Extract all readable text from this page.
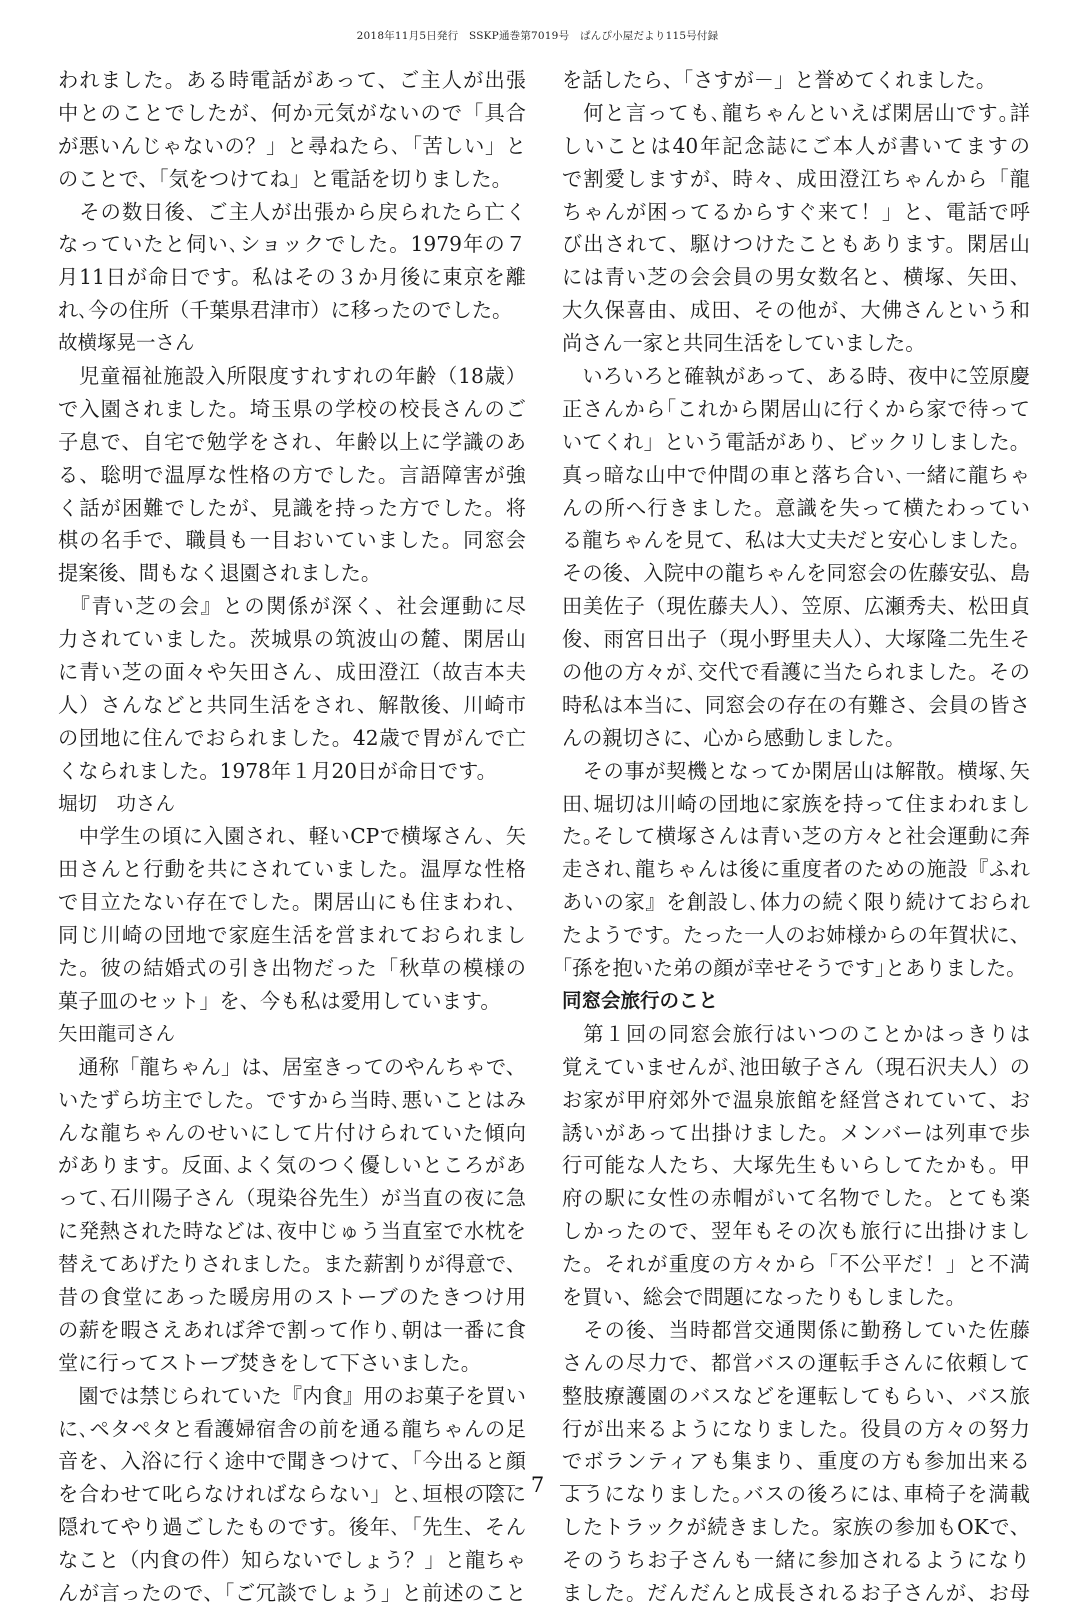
2018年11月5日発行　SSKP通巻第7019号　ぱんぴ小屋だより115号付録
われました。ある時電話があって、ご主人が出張
中とのことでしたが、何か元気がないので「具合
が悪いんじゃないの？」と尋ねたら､「苦しい」と
のことで、「気をつけてね」と電話を切りました。
　その数日後、ご主人が出張から戻られたら亡く
なっていたと伺い､ショックでした。1979年の７
月11日が命日です。私はその３か月後に東京を離
れ､今の住所（千葉県君津市）に移ったのでした。
故横塚晃一さん
　児童福祉施設入所限度すれすれの年齢（18歳）
で入園されました。埼玉県の学校の校長さんのご
子息で、自宅で勉学をされ、年齢以上に学識のあ
る、聡明で温厚な性格の方でした。言語障害が強
く話が困難でしたが、見識を持った方でした。将
棋の名手で、職員も一目おいていました。同窓会
提案後、間もなく退園されました。
　『青い芝の会』との関係が深く、社会運動に尽
力されていました。茨城県の筑波山の麓、閑居山
に青い芝の面々や矢田さん、成田澄江（故吉本夫
人）さんなどと共同生活をされ、解散後、川崎市
の団地に住んでおられました。42歳で胃がんで亡
くなられました。1978年１月20日が命日です。
堀切　功さん
　中学生の頃に入園され、軽いCPで横塚さん、矢
田さんと行動を共にされていました。温厚な性格
で目立たない存在でした。閑居山にも住まわれ、
同じ川崎の団地で家庭生活を営まれておられまし
た。彼の結婚式の引き出物だった「秋草の模様の
菓子皿のセット」を、今も私は愛用しています。
矢田龍司さん
　通称「龍ちゃん」は、居室きってのやんちゃで、
いたずら坊主でした。ですから当時､悪いことはみ
んな龍ちゃんのせいにして片付けられていた傾向
があります。反面､よく気のつく優しいところがあ
って､石川陽子さん（現染谷先生）が当直の夜に急
に発熱された時などは､夜中じゅう当直室で水枕を
替えてあげたりされました。また薪割りが得意で、
昔の食堂にあった暖房用のストーブのたきつけ用
の薪を暇さえあれば斧で割って作り､朝は一番に食
堂に行ってストーブ焚きをして下さいました。
　園では禁じられていた『内食』用のお菓子を買い
に､ペタペタと看護婦宿舎の前を通る龍ちゃんの足
音を、入浴に行く途中で聞きつけて、「今出ると顔
を合わせて叱らなければならない」と､垣根の陰に
隠れてやり過ごしたものです。後年､「先生、そん
なこと（内食の件）知らないでしょう？」と龍ちゃ
んが言ったので、「ご冗談でしょう」と前述のこと
を話したら、「さすが－」と誉めてくれました。
　何と言っても､龍ちゃんといえば閑居山です｡詳
しいことは40年記念誌にご本人が書いてますの
で割愛しますが、時々、成田澄江ちゃんから「龍
ちゃんが困ってるからすぐ来て！」と、電話で呼
び出されて、駆けつけたこともあります。閑居山
には青い芝の会会員の男女数名と、横塚、矢田、
大久保喜由、成田、その他が、大佛さんという和
尚さん一家と共同生活をしていました。
　いろいろと確執があって、ある時、夜中に笠原慶
正さんから｢これから閑居山に行くから家で待って
いてくれ」という電話があり、ビックリしました。
真っ暗な山中で仲間の車と落ち合い､一緒に龍ちゃ
んの所へ行きました。意識を失って横たわってい
る龍ちゃんを見て、私は大丈夫だと安心しました。
その後、入院中の龍ちゃんを同窓会の佐藤安弘、島
田美佐子（現佐藤夫人）、笠原、広瀬秀夫、松田貞
俊、雨宮日出子（現小野里夫人）、大塚隆二先生そ
の他の方々が､交代で看護に当たられました。その
時私は本当に、同窓会の存在の有難さ、会員の皆さ
んの親切さに、心から感動しました。
　その事が契機となってか閑居山は解散。横塚､矢
田､堀切は川崎の団地に家族を持って住まわれまし
た｡そして横塚さんは青い芝の方々と社会運動に奔
走され､龍ちゃんは後に重度者のための施設『ふれ
あいの家』を創設し､体力の続く限り続けておられ
たようです。たった一人のお姉様からの年賀状に、
｢孫を抱いた弟の顔が幸せそうです｣とありました。
同窓会旅行のこと
　第１回の同窓会旅行はいつのことかはっきりは
覚えていませんが､池田敏子さん（現石沢夫人）の
お家が甲府郊外で温泉旅館を経営されていて、お
誘いがあって出掛けました。メンバーは列車で歩
行可能な人たち、大塚先生もいらしてたかも。甲
府の駅に女性の赤帽がいて名物でした。とても楽
しかったので、翌年もその次も旅行に出掛けまし
た。それが重度の方々から「不公平だ！」と不満
を買い、総会で問題になったりもしました。
　その後、当時都営交通関係に勤務していた佐藤
さんの尽力で、都営バスの運転手さんに依頼して
整肢療護園のバスなどを運転してもらい、バス旅
行が出来るようになりました。役員の方々の努力
でボランティアも集まり、重度の方も参加出来る
ようになりました｡バスの後ろには､車椅子を満載
したトラックが続きました。家族の参加もOKで、
そのうちお子さんも一緒に参加されるようになり
ました。だんだんと成長されるお子さんが、お母
7
